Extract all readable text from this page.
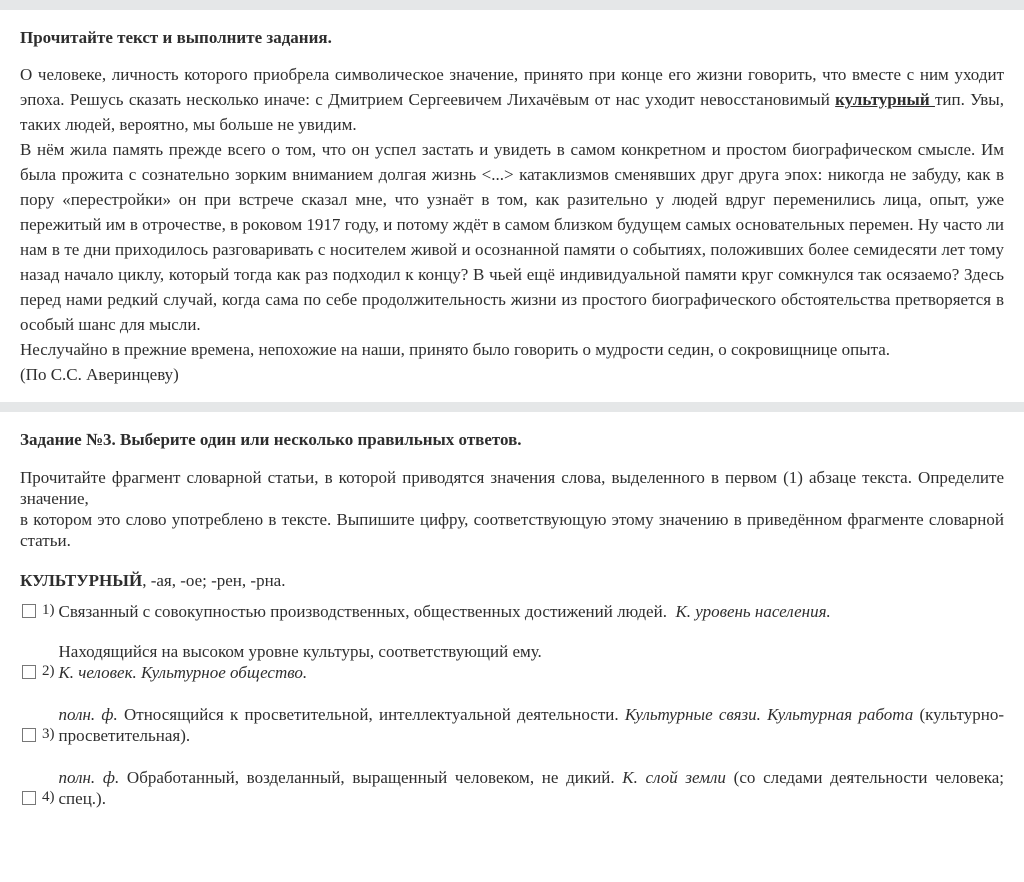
Прочитайте текст и выполните задания.

О человеке, личность которого приобрела символическое значение, принято при конце его жизни говорить, что вместе с ним уходит эпоха. Решусь сказать несколько иначе: с Дмитрием Сергеевичем Лихачёвым от нас уходит невосстановимый культурный тип. Увы, таких людей, вероятно, мы больше не увидим.

В нём жила память прежде всего о том, что он успел застать и увидеть в самом конкретном и простом биографическом смысле. Им была прожита с сознательно зорким вниманием долгая жизнь <...> катаклизмов сменявших друг друга эпох: никогда не забуду, как в пору «перестройки» он при встрече сказал мне, что узнаёт в том, как разительно у людей вдруг переменились лица, опыт, уже пережитый им в отрочестве, в роковом 1917 году, и потому ждёт в самом близком будущем самых основательных перемен. Ну часто ли нам в те дни приходилось разговаривать с носителем живой и осознанной памяти о событиях, положивших более семидесяти лет тому назад начало циклу, который тогда как раз подходил к концу? В чьей ещё индивидуальной памяти круг сомкнулся так осязаемо? Здесь перед нами редкий случай, когда сама по себе продолжительность жизни из простого биографического обстоятельства претворяется в особый шанс для мысли.

Неслучайно в прежние времена, непохожие на наши, принято было говорить о мудрости седин, о сокровищнице опыта.

(По С.С. Аверинцеву)

Задание №3. Выберите один или несколько правильных ответов.

Прочитайте фрагмент словарной статьи, в которой приводятся значения слова, выделенного в первом (1) абзаце текста. Определите значение,

в котором это слово употреблено в тексте. Выпишите цифру, соответствующую этому значению в приведённом фрагменте словарной статьи.

КУЛЬТУРНЫЙ, -ая, -ое; -рен, -рна.
1) Связанный с совокупностью производственных, общественных достижений людей. К. уровень населения.
2)
Находящийся на высоком уровне культуры, соответствующий ему.
К. человек. Культурное общество.
3)
полн. ф. Относящийся к просветительной, интеллектуальной деятельности. Культурные связи. Культурная работа (культурно-просветительная).
4)
полн. ф. Обработанный, возделанный, выращенный человеком, не дикий. К. слой земли (со следами деятельности человека; спец.).
